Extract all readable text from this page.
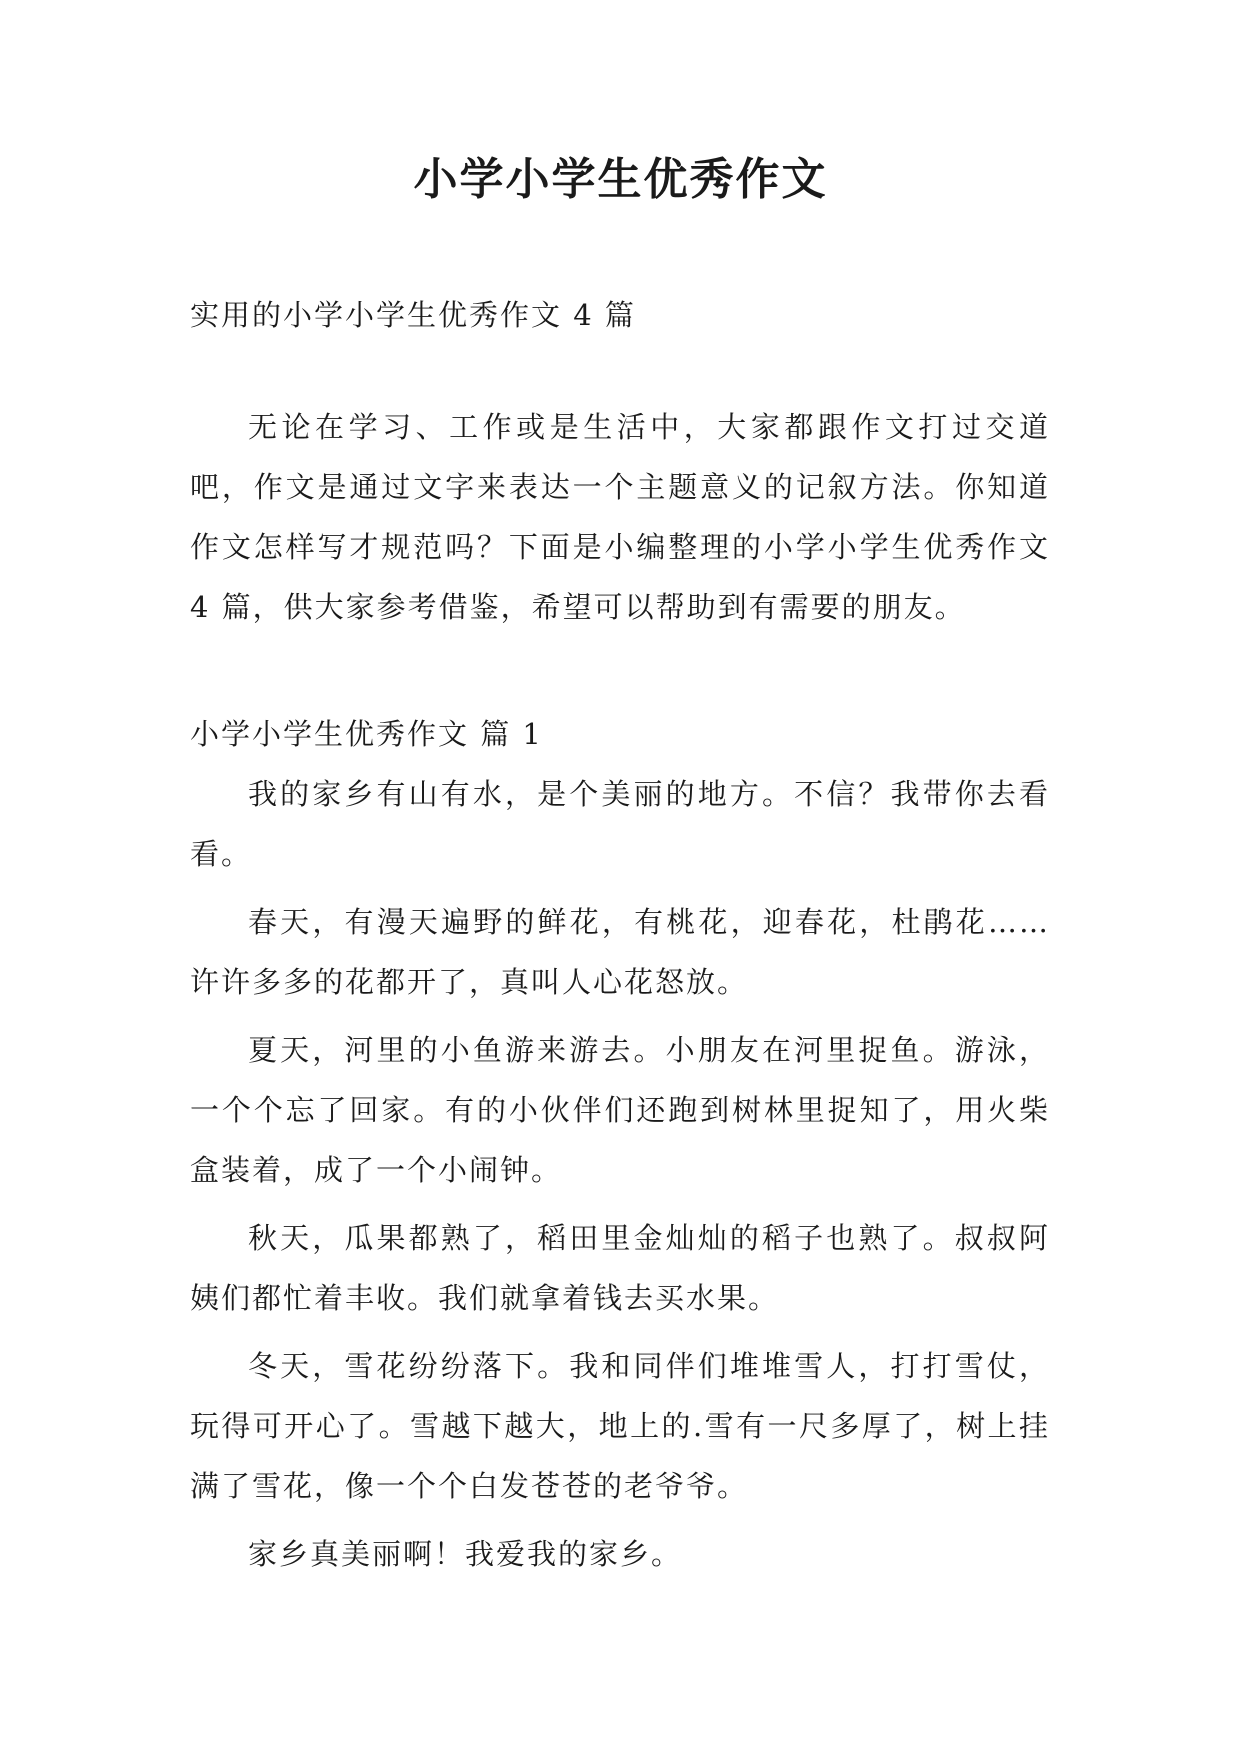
小学小学生优秀作文

实用的小学小学生优秀作文 4 篇

无论在学习、工作或是生活中，大家都跟作文打过交道吧，作文是通过文字来表达一个主题意义的记叙方法。你知道作文怎样写才规范吗？下面是小编整理的小学小学生优秀作文 4 篇，供大家参考借鉴，希望可以帮助到有需要的朋友。

小学小学生优秀作文 篇 1

我的家乡有山有水，是个美丽的地方。不信？我带你去看看。

春天，有漫天遍野的鲜花，有桃花，迎春花，杜鹃花……许许多多的花都开了，真叫人心花怒放。

夏天，河里的小鱼游来游去。小朋友在河里捉鱼。游泳，一个个忘了回家。有的小伙伴们还跑到树林里捉知了，用火柴盒装着，成了一个小闹钟。

秋天，瓜果都熟了，稻田里金灿灿的稻子也熟了。叔叔阿姨们都忙着丰收。我们就拿着钱去买水果。

冬天，雪花纷纷落下。我和同伴们堆堆雪人，打打雪仗，玩得可开心了。雪越下越大，地上的.雪有一尺多厚了，树上挂满了雪花，像一个个白发苍苍的老爷爷。

家乡真美丽啊！我爱我的家乡。
